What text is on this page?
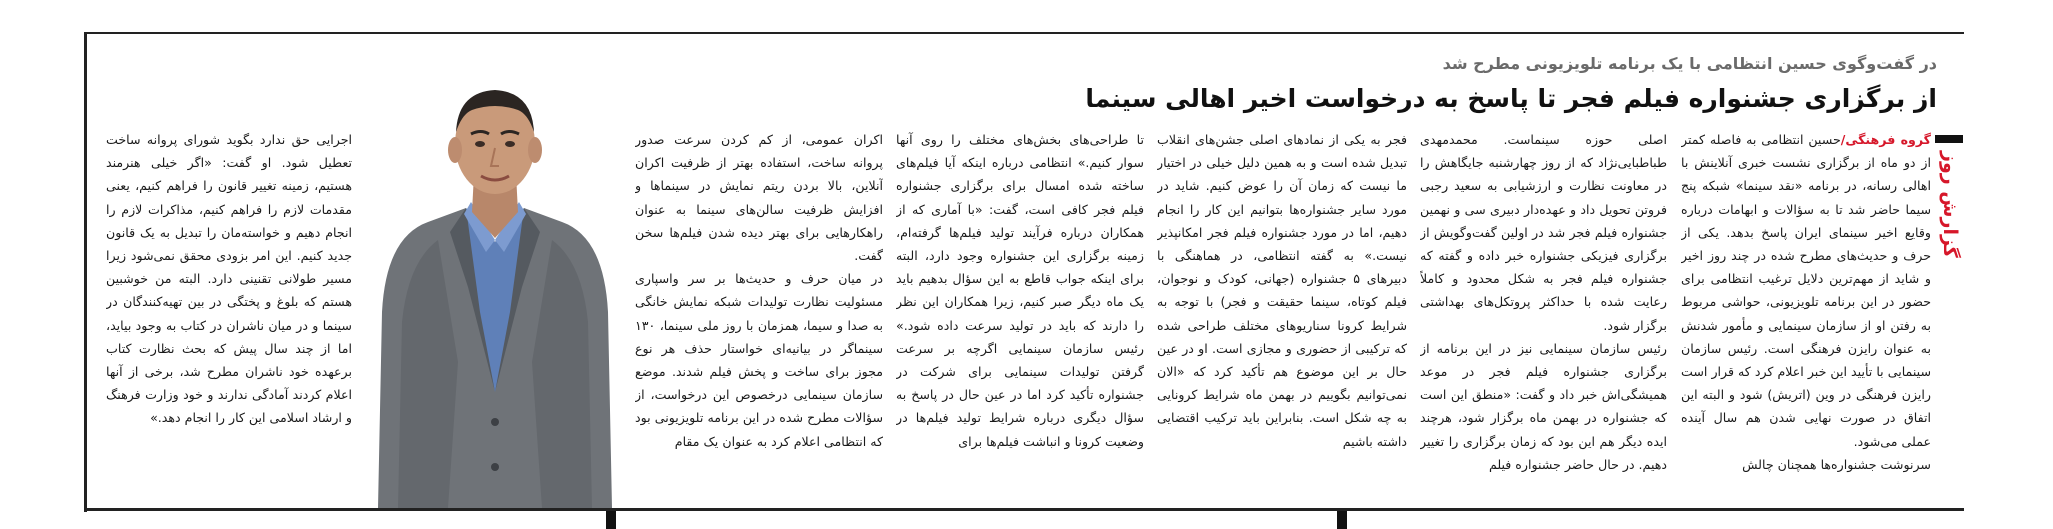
گزارش روز
در گفت‌وگوی حسین انتظامی با یک برنامه تلویزیونی مطرح شد
از برگزاری جشنواره فیلم فجر تا پاسخ به درخواست اخیر اهالی سینما

گروه فرهنگی/حسین انتظامی به فاصله کمتر از دو ماه از برگزاری نشست خبری آنلاینش با اهالی رسانه، در برنامه «نقد سینما» شبکه پنج سیما حاضر شد تا به سؤالات و ابهامات درباره وقایع اخیر سینمای ایران پاسخ بدهد. یکی از حرف و حدیث‌های مطرح شده در چند روز اخیر و شاید از مهم‌ترین دلایل ترغیب انتظامی برای حضور در این برنامه تلویزیونی، حواشی مربوط به رفتن او از سازمان سینمایی و مأمور شدنش به عنوان رایزن فرهنگی است. رئیس سازمان سینمایی با تأیید این خبر اعلام کرد که قرار است رایزن فرهنگی در وین (اتریش) شود و البته این اتفاق در صورت نهایی شدن هم سال آینده عملی می‌شود.

سرنوشت جشنواره‌ها همچنان چالش

اصلی حوزه سینماست. محمدمهدی طباطبایی‌نژاد که از روز چهارشنبه جایگاهش را در معاونت نظارت و ارزشیابی به سعید رجبی فروتن تحویل داد و عهده‌دار دبیری سی و نهمین جشنواره فیلم فجر شد در اولین گفت‌وگویش از برگزاری فیزیکی جشنواره خبر داده و گفته که جشنواره فیلم فجر به شکل محدود و کاملاً رعایت شده با حداکثر پروتکل‌های بهداشتی برگزار شود.

رئیس سازمان سینمایی نیز در این برنامه از برگزاری جشنواره فیلم فجر در موعد همیشگی‌اش خبر داد و گفت: «منطق این است که جشنواره در بهمن ماه برگزار شود، هرچند ایده دیگر هم این بود که زمان برگزاری را تغییر دهیم. در حال حاضر جشنواره فیلم

فجر به یکی از نمادهای اصلی جشن‌های انقلاب تبدیل شده است و به همین دلیل خیلی در اختیار ما نیست که زمان آن را عوض کنیم. شاید در مورد سایر جشنواره‌ها بتوانیم این کار را انجام دهیم، اما در مورد جشنواره فیلم فجر امکانپذیر نیست.» به گفته انتظامی، در هماهنگی با دبیرهای ۵ جشنواره (جهانی، کودک و نوجوان، فیلم کوتاه، سینما حقیقت و فجر) با توجه به شرایط کرونا سناریوهای مختلف طراحی شده که ترکیبی از حضوری و مجازی است. او در عین حال بر این موضوع هم تأکید کرد که «الان نمی‌توانیم بگوییم در بهمن ماه شرایط کرونایی به چه شکل است. بنابراین باید ترکیب اقتضایی داشته باشیم

تا طراحی‌های بخش‌های مختلف را روی آنها سوار کنیم.» انتظامی درباره اینکه آیا فیلم‌های ساخته شده امسال برای برگزاری جشنواره فیلم فجر کافی است، گفت: «با آماری که از همکاران درباره فرآیند تولید فیلم‌ها گرفته‌ام، زمینه برگزاری این جشنواره وجود دارد، البته برای اینکه جواب قاطع به این سؤال بدهیم باید یک ماه دیگر صبر کنیم، زیرا همکاران این نظر را دارند که باید در تولید سرعت داده شود.» رئیس سازمان سینمایی اگرچه بر سرعت گرفتن تولیدات سینمایی برای شرکت در جشنواره تأکید کرد اما در عین حال در پاسخ به سؤال دیگری درباره شرایط تولید فیلم‌ها در وضعیت کرونا و انباشت فیلم‌ها برای

اکران عمومی، از کم کردن سرعت صدور پروانه ساخت، استفاده بهتر از ظرفیت اکران آنلاین، بالا بردن ریتم نمایش در سینماها و افزایش ظرفیت سالن‌های سینما به عنوان راهکارهایی برای بهتر دیده شدن فیلم‌ها سخن گفت.

در میان حرف و حدیث‌ها بر سر واسپاری مسئولیت نظارت تولیدات شبکه نمایش خانگی به صدا و سیما، همزمان با روز ملی سینما، ۱۳۰ سینماگر در بیانیه‌ای خواستار حذف هر نوع مجوز برای ساخت و پخش فیلم شدند. موضع سازمان سینمایی درخصوص این درخواست، از سؤالات مطرح شده در این برنامه تلویزیونی بود که انتظامی اعلام کرد به عنوان یک مقام

اجرایی حق ندارد بگوید شورای پروانه ساخت تعطیل شود. او گفت: «اگر خیلی هنرمند هستیم، زمینه تغییر قانون را فراهم کنیم، یعنی مقدمات لازم را فراهم کنیم، مذاکرات لازم را انجام دهیم و خواسته‌مان را تبدیل به یک قانون جدید کنیم. این امر بزودی محقق نمی‌شود زیرا مسیر طولانی تقنینی دارد. البته من خوشبین هستم که بلوغ و پختگی در بین تهیه‌کنندگان در سینما و در میان ناشران در کتاب به وجود بیاید، اما از چند سال پیش که بحث نظارت کتاب برعهده خود ناشران مطرح شد، برخی از آنها اعلام کردند آمادگی ندارند و خود وزارت فرهنگ و ارشاد اسلامی این کار را انجام دهد.»
